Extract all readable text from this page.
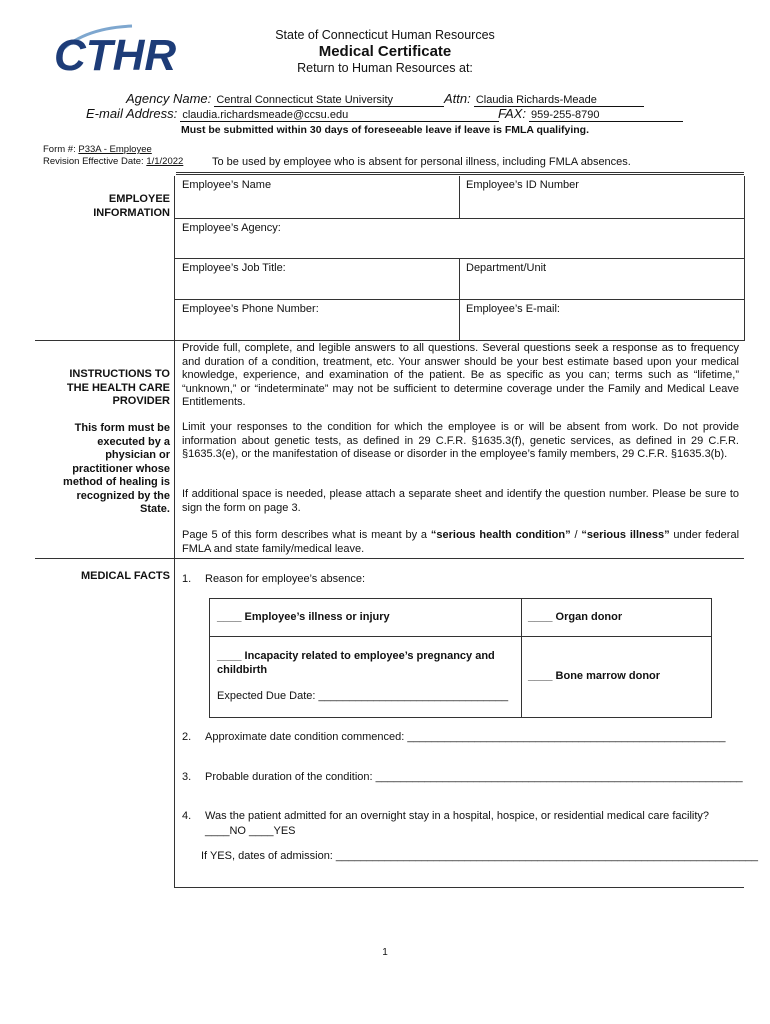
CTHR	State of Connecticut Human Resources
Medical Certificate
Return to Human Resources at:
Agency Name: Central Connecticut State University	Attn: Claudia Richards-Meade
E-mail Address: claudia.richardsmeade@ccsu.edu	FAX: 959-255-8790
Must be submitted within 30 days of foreseeable leave if leave is FMLA qualifying.
Form #: P33A - Employee
Revision Effective Date: 1/1/2022	To be used by employee who is absent for personal illness, including FMLA absences.
EMPLOYEE
INFORMATION
Employee’s Name	Employee’s ID Number
Employee’s Agency:
Employee’s Job Title:	Department/Unit
Employee’s Phone Number:	Employee’s E-mail:
INSTRUCTIONS TO
THE HEALTH CARE
PROVIDER
This form must be
executed by a
physician or
practitioner whose
method of healing is
recognized by the
State.
Provide full, complete, and legible answers to all questions. Several questions seek a response as to frequency and duration of a condition, treatment, etc. Your answer should be your best estimate based upon your medical knowledge, experience, and examination of the patient. Be as specific as you can; terms such as “lifetime,” “unknown,” or “indeterminate” may not be sufficient to determine coverage under the Family and Medical Leave Entitlements.
Limit your responses to the condition for which the employee is or will be absent from work. Do not provide information about genetic tests, as defined in 29 C.F.R. §1635.3(f), genetic services, as defined in 29 C.F.R. §1635.3(e), or the manifestation of disease or disorder in the employee’s family members, 29 C.F.R. §1635.3(b).
If additional space is needed, please attach a separate sheet and identify the question number. Please be sure to sign the form on page 3.
Page 5 of this form describes what is meant by a “serious health condition” / “serious illness” under federal FMLA and state family/medical leave.
MEDICAL FACTS 1. Reason for employee’s absence:
____ Employee’s illness or injury	____ Organ donor
____ Incapacity related to employee’s pregnancy and childbirth
Expected Due Date: _______________________________
____ Bone marrow donor
2. Approximate date condition commenced: ____________________________________________________
3. Probable duration of the condition: ____________________________________________________________
4. Was the patient admitted for an overnight stay in a hospital, hospice, or residential medical care facility?
____NO ____YES
If YES, dates of admission: _____________________________________________________________________
1
